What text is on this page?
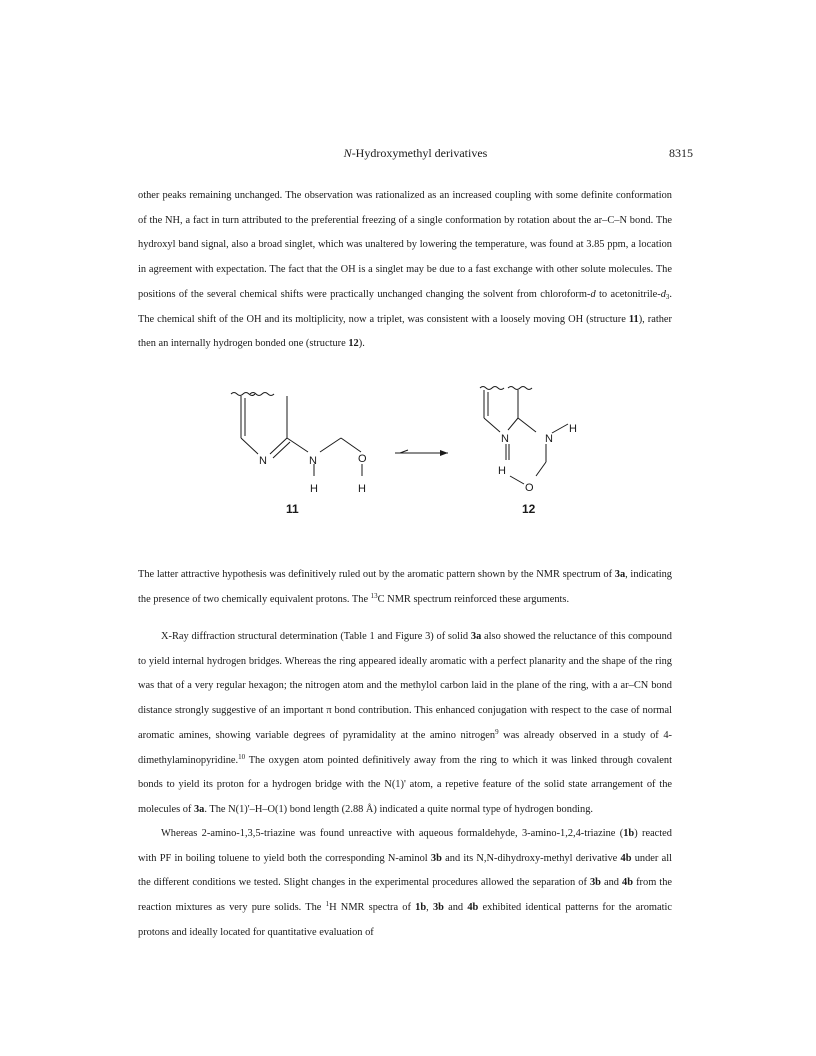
N-Hydroxymethyl derivatives	8315

other peaks remaining unchanged. The observation was rationalized as an increased coupling with some definite conformation of the NH, a fact in turn attributed to the preferential freezing of a single conformation by rotation about the ar–C–N bond. The hydroxyl band signal, also a broad singlet, which was unaltered by lowering the temperature, was found at 3.85 ppm, a location in agreement with expectation. The fact that the OH is a singlet may be due to a fast exchange with other solute molecules. The positions of the several chemical shifts were practically unchanged changing the solvent from chloroform-d to acetonitrile-$d_3$. The chemical shift of the OH and its moltiplicity, now a triplet, was consistent with a loosely moving OH (structure 11), rather then an internally hydrogen bonded one (structure 12).

N	N	O
H	H
11
N	N
H
H
O
12

The latter attractive hypothesis was definitively ruled out by the aromatic pattern shown by the NMR spectrum of 3a, indicating the presence of two chemically equivalent protons. The $^{13}$C NMR spectrum reinforced these arguments.

X-Ray diffraction structural determination (Table 1 and Figure 3) of solid 3a also showed the reluctance of this compound to yield internal hydrogen bridges. Whereas the ring appeared ideally aromatic with a perfect planarity and the shape of the ring was that of a very regular hexagon; the nitrogen atom and the methylol carbon laid in the plane of the ring, with a ar–CN bond distance strongly suggestive of an important π bond contribution. This enhanced conjugation with respect to the case of normal aromatic amines, showing variable degrees of pyramidality at the amino nitrogen$^9$ was already observed in a study of 4-dimethylaminopyridine.$^{10}$ The oxygen atom pointed definitively away from the ring to which it was linked through covalent bonds to yield its proton for a hydrogen bridge with the N(1)' atom, a repetive feature of the solid state arrangement of the molecules of 3a. The N(1)'–H–O(1) bond length (2.88 Å) indicated a quite normal type of hydrogen bonding.

Whereas 2-amino-1,3,5-triazine was found unreactive with aqueous formaldehyde, 3-amino-1,2,4-triazine (1b) reacted with PF in boiling toluene to yield both the corresponding N-aminol 3b and its N,N-dihydroxy-methyl derivative 4b under all the different conditions we tested. Slight changes in the experimental procedures allowed the separation of 3b and 4b from the reaction mixtures as very pure solids. The $^1$H NMR spectra of 1b, 3b and 4b exhibited identical patterns for the aromatic protons and ideally located for quantitative evaluation of
